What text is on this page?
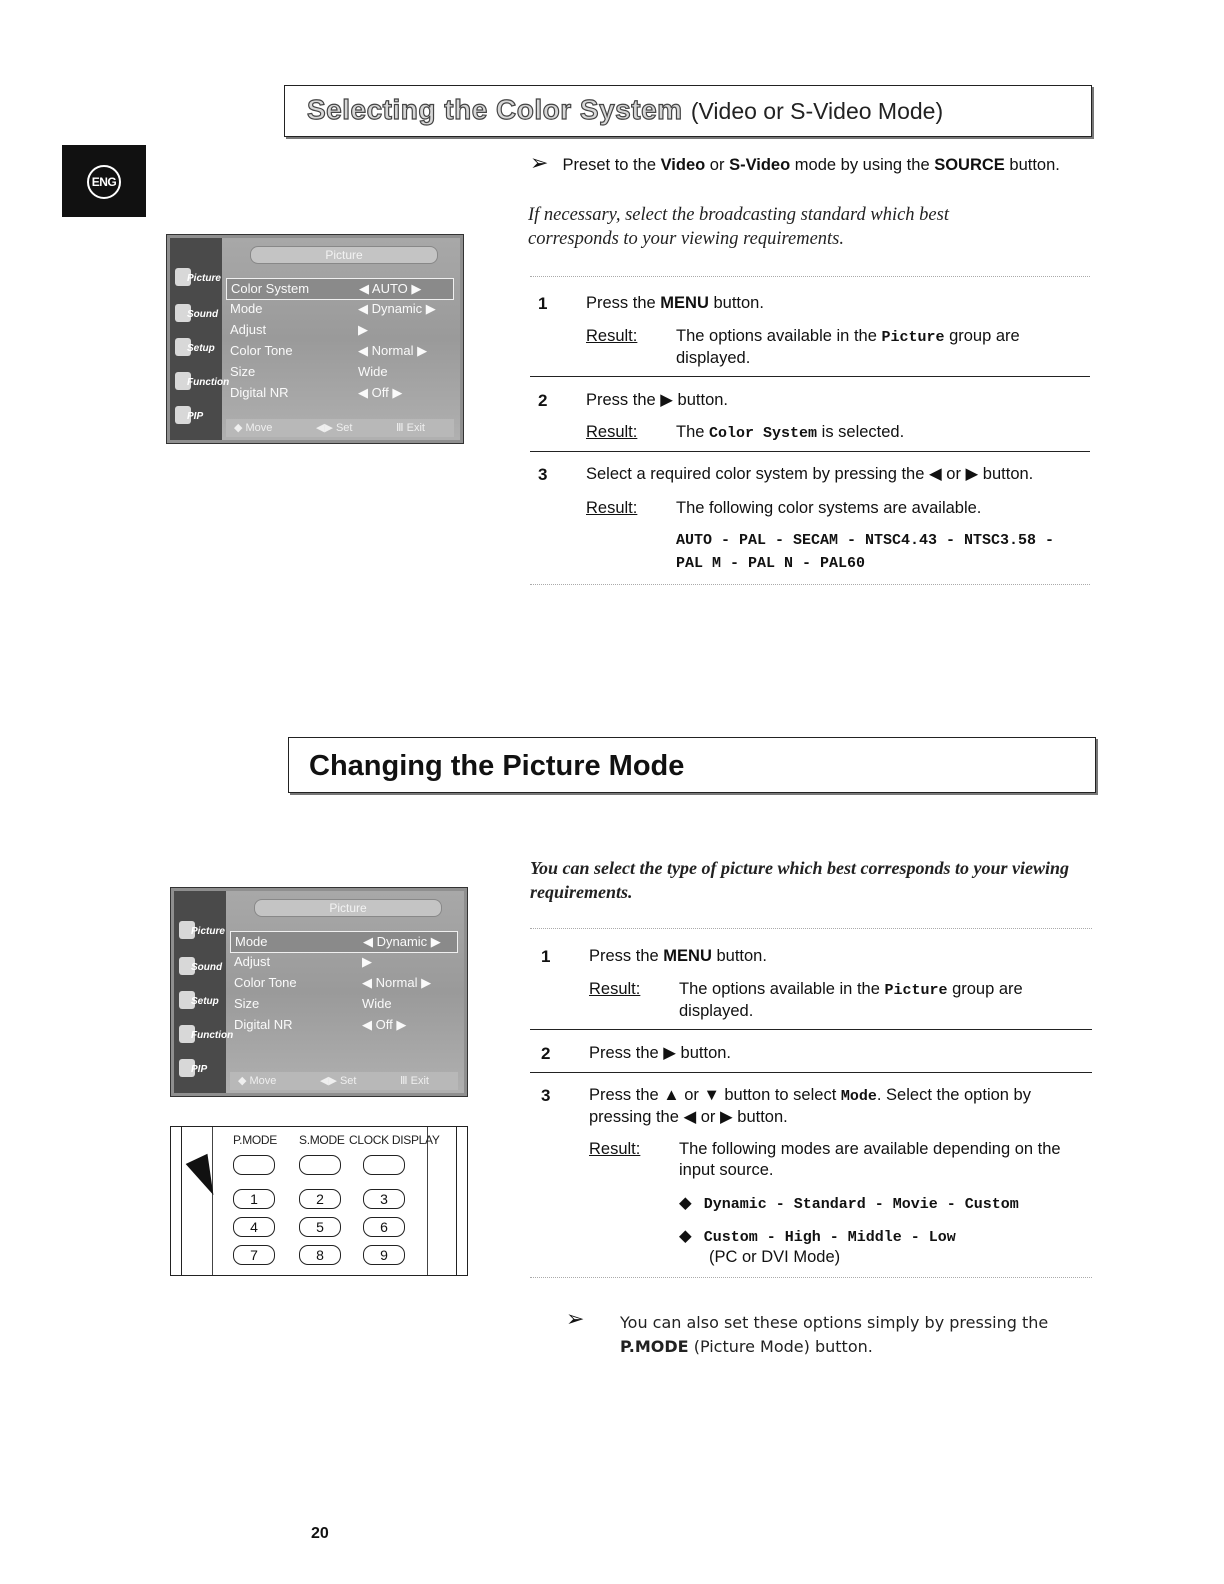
ENG
Selecting the Color System (Video or S-Video Mode)
➢ Preset to the Video or S-Video mode by using the SOURCE button.
If necessary, select the broadcasting standard which best corresponds to your viewing requirements.
Picture
Sound
Setup
Function
PIP
Picture
Color System	◀ AUTO ▶
Mode	◀ Dynamic ▶
Adjust	▶
Color Tone	◀ Normal ▶
Size	Wide
Digital NR	◀ Off ▶
◆ Move	◀▶ Set	Ⅲ Exit
1 Press the MENU button.
Result: The options available in the Picture group are displayed.
2 Press the ▶ button.
Result: The Color System is selected.
3 Select a required color system by pressing the ◀ or ▶ button.
Result: The following color systems are available.
AUTO - PAL - SECAM - NTSC4.43 - NTSC3.58 -
PAL M - PAL N - PAL60
Changing the Picture Mode
You can select the type of picture which best corresponds to your viewing requirements.
Picture
Sound
Setup
Function
PIP
Picture
Mode	◀ Dynamic ▶
Adjust	▶
Color Tone	◀ Normal ▶
Size	Wide
Digital NR	◀ Off ▶
◆ Move	◀▶ Set	Ⅲ Exit
P.MODE S.MODE CLOCK DISPLAY
1	2	3
4	5	6
7	8	9
1 Press the MENU button.
Result: The options available in the Picture group are displayed.
2 Press the ▶ button.
3 Press the ▲ or ▼ button to select Mode. Select the option by pressing the ◀ or ▶ button.
Result: The following modes are available depending on the input source.
◆ Dynamic - Standard - Movie - Custom
◆ Custom - High - Middle - Low
(PC or DVI Mode)
➢ You can also set these options simply by pressing the P.MODE (Picture Mode) button.
20
